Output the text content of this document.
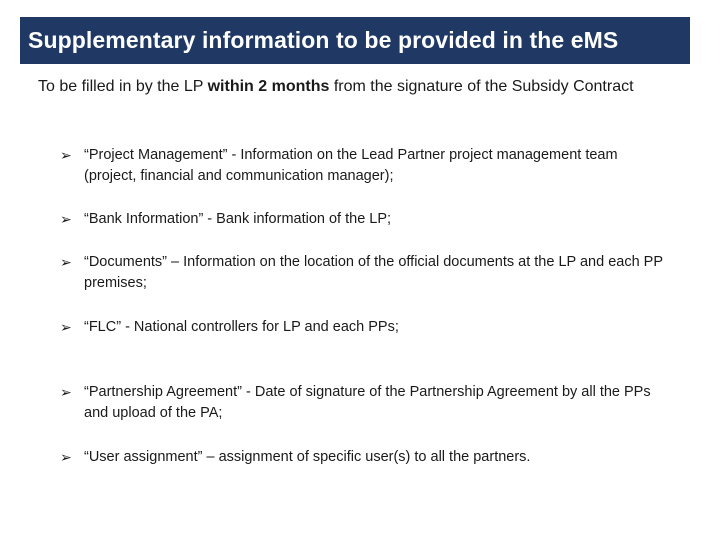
Supplementary information to be provided in the eMS

To be filled in by the LP within 2 months from the signature of the Subsidy Contract

➢ “Project Management” - Information on the Lead Partner project management team (project, financial and communication manager);
➢ “Bank Information” - Bank information of the LP;
➢ “Documents” – Information on the location of the official documents at the LP and each PP premises;
➢ “FLC” - National controllers for LP and each PPs;
➢ “Partnership Agreement” - Date of signature of the Partnership Agreement by all the PPs and upload of the PA;
➢ “User assignment” – assignment of specific user(s) to all the partners.
